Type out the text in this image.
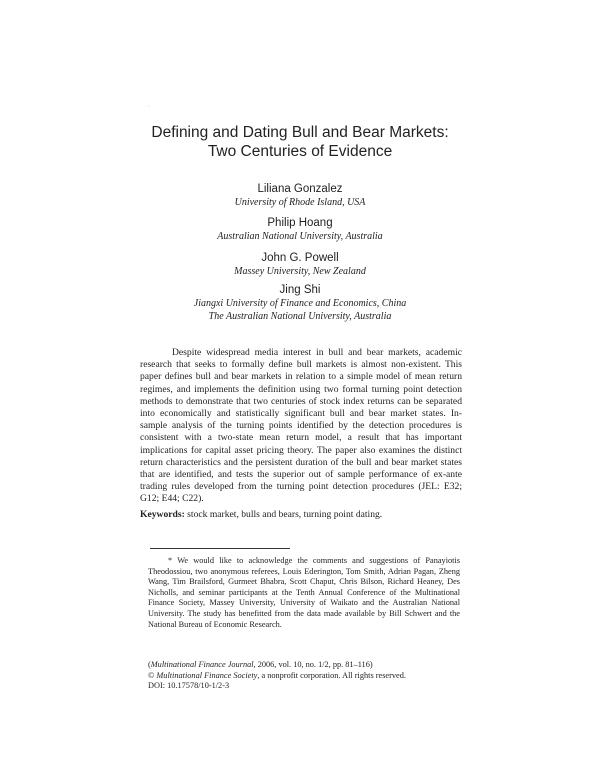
·
Defining and Dating Bull and Bear Markets:
Two Centuries of Evidence
Liliana Gonzalez
University of Rhode Island, USA
Philip Hoang
Australian National University, Australia
John G. Powell
Massey University, New Zealand
Jing Shi
Jiangxi University of Finance and Economics, China
The Australian National University, Australia

Despite widespread media interest in bull and bear markets, academic research that seeks to formally define bull markets is almost non-existent. This paper defines bull and bear markets in relation to a simple model of mean return regimes, and implements the definition using two formal turning point detection methods to demonstrate that two centuries of stock index returns can be separated into economically and statistically significant bull and bear market states. In-sample analysis of the turning points identified by the detection procedures is consistent with a two-state mean return model, a result that has important implications for capital asset pricing theory. The paper also examines the distinct return characteristics and the persistent duration of the bull and bear market states that are identified, and tests the superior out of sample performance of ex-ante trading rules developed from the turning point detection procedures (JEL: E32; G12; E44; C22).

Keywords: stock market, bulls and bears, turning point dating.

* We would like to acknowledge the comments and suggestions of Panayiotis Theodossiou, two anonymous referees, Louis Ederington, Tom Smith, Adrian Pagan, Zheng Wang, Tim Brailsford, Gurmeet Bhabra, Scott Chaput, Chris Bilson, Richard Heaney, Des Nicholls, and seminar participants at the Tenth Annual Conference of the Multinational Finance Society, Massey University, University of Waikato and the Australian National University. The study has benefitted from the data made available by Bill Schwert and the National Bureau of Economic Research.

(Multinational Finance Journal, 2006, vol. 10, no. 1/2, pp. 81–116)
© Multinational Finance Society, a nonprofit corporation. All rights reserved.
DOI: 10.17578/10-1/2-3
